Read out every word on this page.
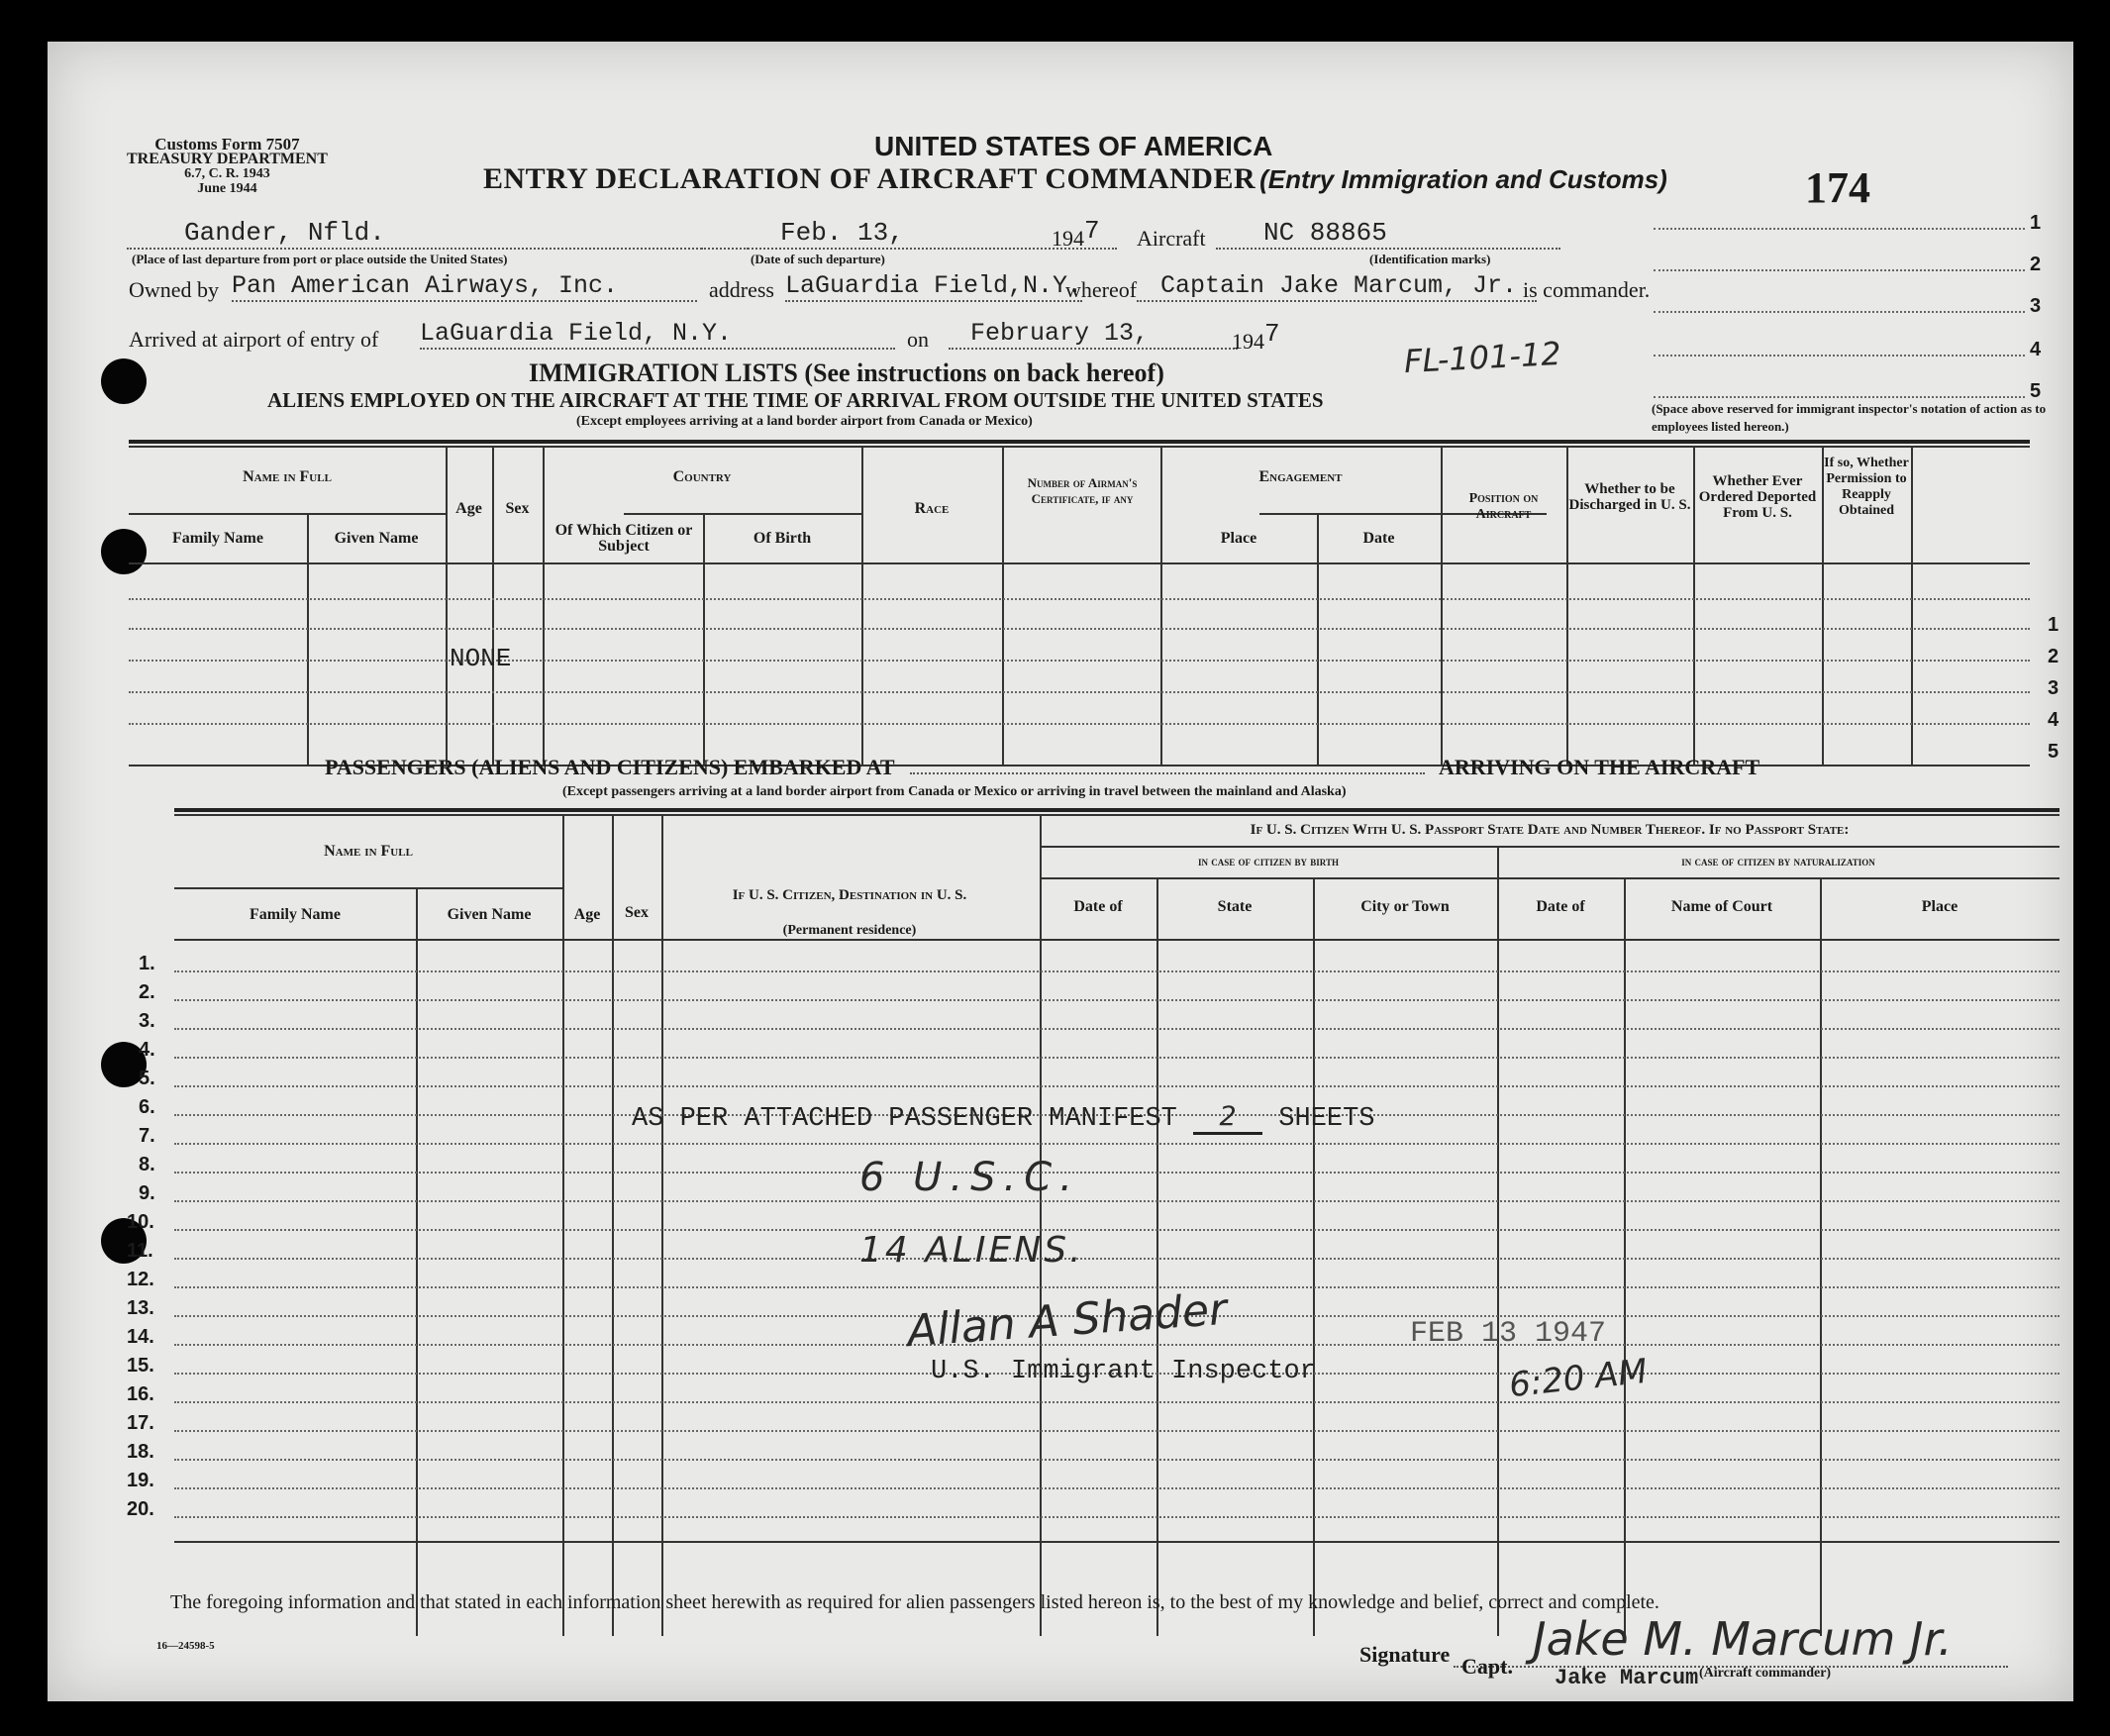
Customs Form 7507
TREASURY DEPARTMENT
6.7, C. R. 1943
June 1944
UNITED STATES OF AMERICA
ENTRY DECLARATION OF AIRCRAFT COMMANDER (Entry Immigration and Customs)	174
1
2
3
4
5
(Space above reserved for immigrant inspector's notation of action as to employees listed hereon.)
Gander, Nfld.
(Place of last departure from port or place outside the United States)
Feb. 13,
(Date of such departure)
1947 Aircraft	NC 88865
(Identification marks)
Owned by Pan American Airways, Inc.	address LaGuardia Field,N.Y.
whereof Captain Jake Marcum, Jr. is commander.
Arrived at airport of entry of LaGuardia Field, N.Y.	on	February 13,	1947
FL-101-12
IMMIGRATION LISTS (See instructions on back hereof)
ALIENS EMPLOYED ON THE AIRCRAFT AT THE TIME OF ARRIVAL FROM OUTSIDE THE UNITED STATES
(Except employees arriving at a land border airport from Canada or Mexico)
Name in Full
Family Name	Given Name
Age	Sex
Country
Of Which Citizen or Subject	Of Birth
Race
Number of Airman's Certificate, if any
Engagement
Place	Date
Position on Aircraft
Whether to be Discharged in U. S.
Whether Ever Ordered Deported From U. S.
If so, Whether Permission to Reapply Obtained
1
2
3
4
5
NONE
PASSENGERS (ALIENS AND CITIZENS) EMBARKED AT	ARRIVING ON THE AIRCRAFT
(Except passengers arriving at a land border airport from Canada or Mexico or arriving in travel between the mainland and Alaska)
Name in Full
Family Name	Given Name	Age	Sex
If U. S. Citizen, Destination in U. S.
(Permanent residence)
If U. S. Citizen With U. S. Passport State Date and Number Thereof. If no Passport State:
in case of citizen by birth	in case of citizen by naturalization
Date of	State	City or Town	Date of	Name of Court	Place
1.
2.
3.
4.
5.
6.
7.
8.
9.
10.
11.
12.
13.
14.
15.
16.
17.
18.
19.
20.
AS PER ATTACHED PASSENGER MANIFEST 2 SHEETS
6 U.S.C.
14 ALIENS.
Allan A Shader	FEB 13 1947
U.S. Immigrant Inspector	6:20 AM
The foregoing information and that stated in each information sheet herewith as required for alien passengers listed hereon is, to the best of my knowledge and belief, correct and complete.
16—24598-5	Signature Jake M. Marcum Jr.
Capt. Jake Marcum (Aircraft commander)
